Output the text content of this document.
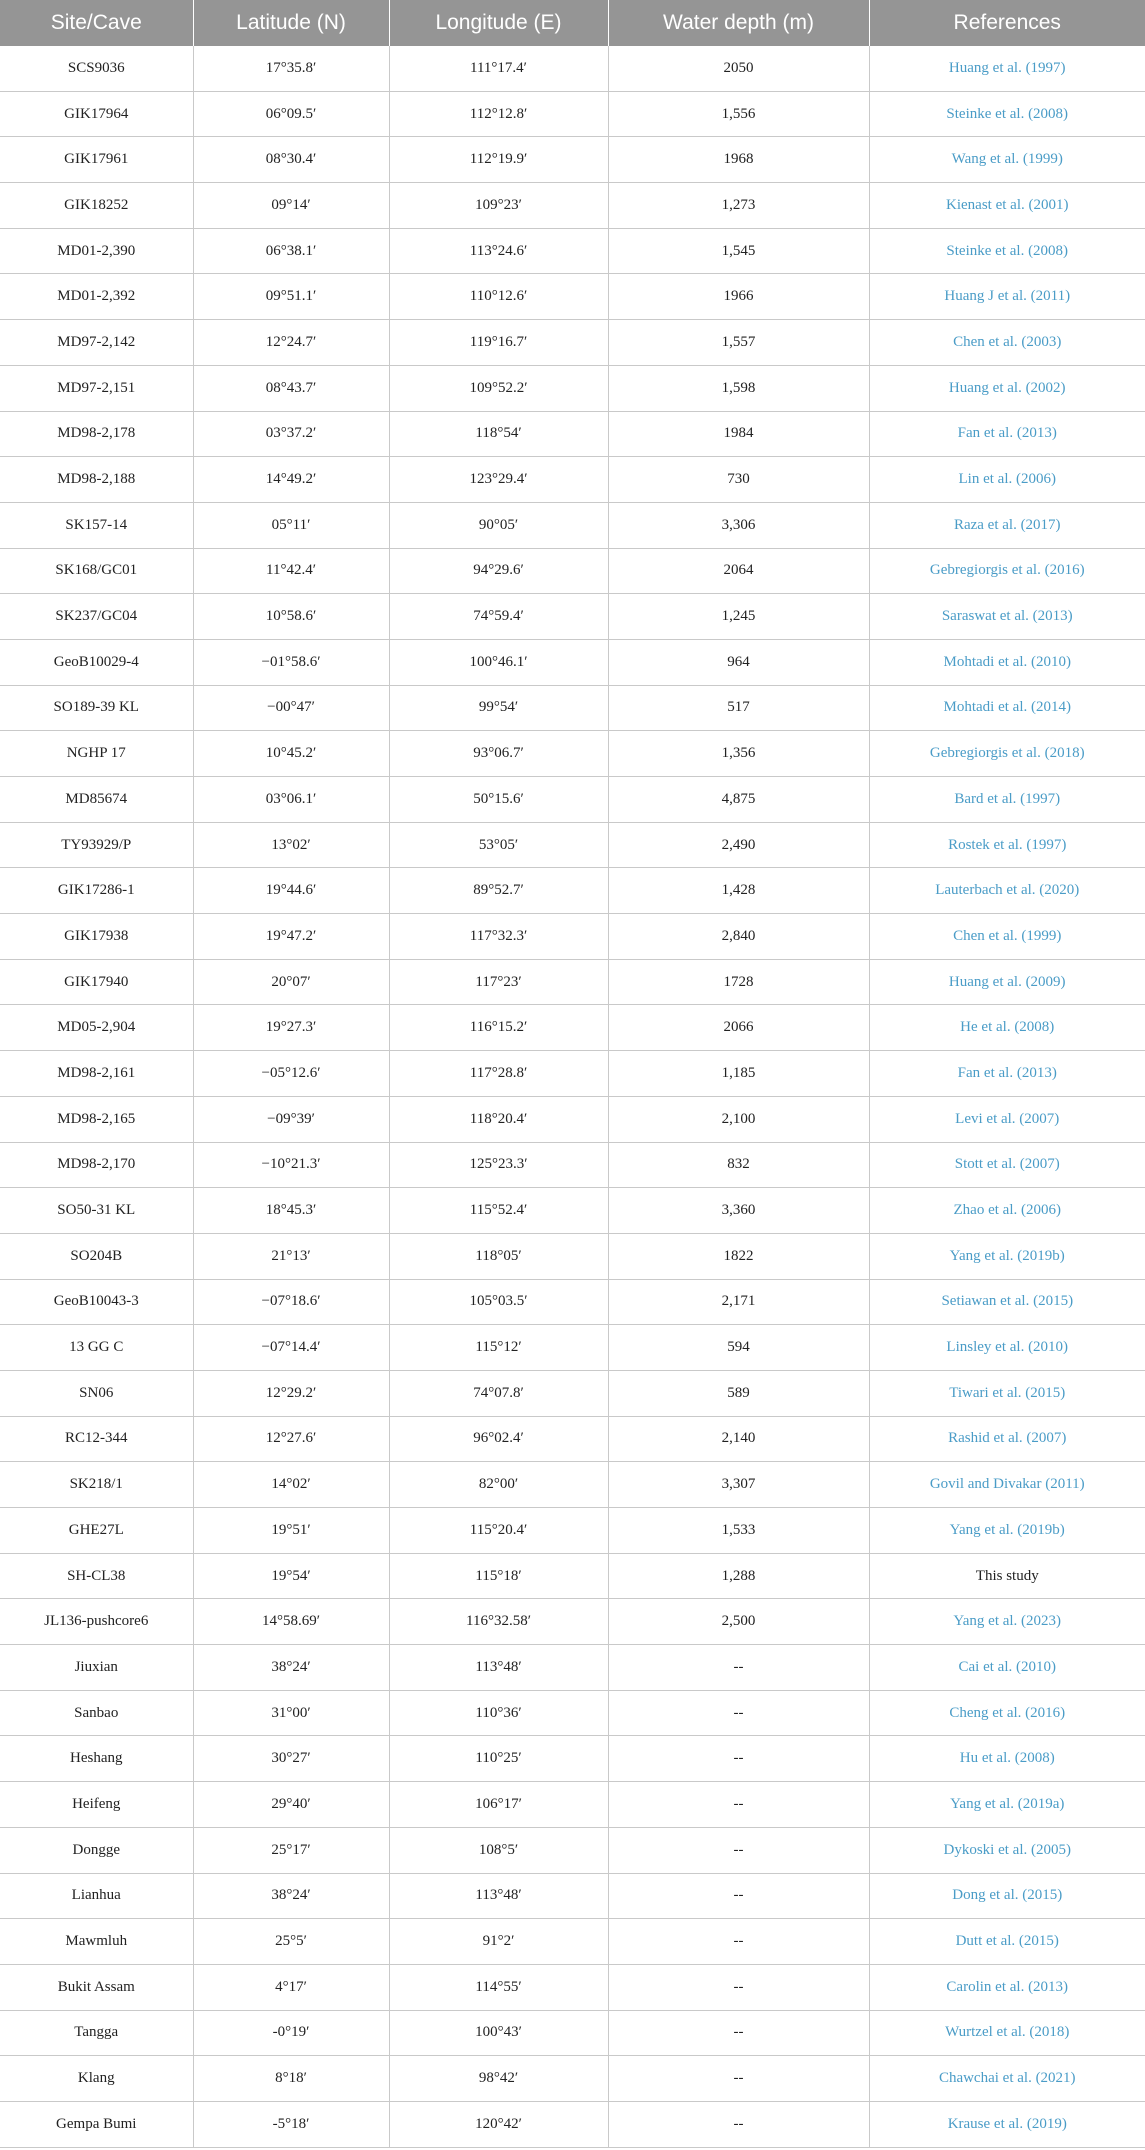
Site/Cave	Latitude (N)	Longitude (E)	Water depth (m)	References
SCS9036	17°35.8′	111°17.4′	2050	Huang et al. (1997)
GIK17964	06°09.5′	112°12.8′	1,556	Steinke et al. (2008)
GIK17961	08°30.4′	112°19.9′	1968	Wang et al. (1999)
GIK18252	09°14′	109°23′	1,273	Kienast et al. (2001)
MD01-2,390	06°38.1′	113°24.6′	1,545	Steinke et al. (2008)
MD01-2,392	09°51.1′	110°12.6′	1966	Huang J et al. (2011)
MD97-2,142	12°24.7′	119°16.7′	1,557	Chen et al. (2003)
MD97-2,151	08°43.7′	109°52.2′	1,598	Huang et al. (2002)
MD98-2,178	03°37.2′	118°54′	1984	Fan et al. (2013)
MD98-2,188	14°49.2′	123°29.4′	730	Lin et al. (2006)
SK157-14	05°11′	90°05′	3,306	Raza et al. (2017)
SK168/GC01	11°42.4′	94°29.6′	2064	Gebregiorgis et al. (2016)
SK237/GC04	10°58.6′	74°59.4′	1,245	Saraswat et al. (2013)
GeoB10029-4	−01°58.6′	100°46.1′	964	Mohtadi et al. (2010)
SO189-39 KL	−00°47′	99°54′	517	Mohtadi et al. (2014)
NGHP 17	10°45.2′	93°06.7′	1,356	Gebregiorgis et al. (2018)
MD85674	03°06.1′	50°15.6′	4,875	Bard et al. (1997)
TY93929/P	13°02′	53°05′	2,490	Rostek et al. (1997)
GIK17286-1	19°44.6′	89°52.7′	1,428	Lauterbach et al. (2020)
GIK17938	19°47.2′	117°32.3′	2,840	Chen et al. (1999)
GIK17940	20°07′	117°23′	1728	Huang et al. (2009)
MD05-2,904	19°27.3′	116°15.2′	2066	He et al. (2008)
MD98-2,161	−05°12.6′	117°28.8′	1,185	Fan et al. (2013)
MD98-2,165	−09°39′	118°20.4′	2,100	Levi et al. (2007)
MD98-2,170	−10°21.3′	125°23.3′	832	Stott et al. (2007)
SO50-31 KL	18°45.3′	115°52.4′	3,360	Zhao et al. (2006)
SO204B	21°13′	118°05′	1822	Yang et al. (2019b)
GeoB10043-3	−07°18.6′	105°03.5′	2,171	Setiawan et al. (2015)
13 GG C	−07°14.4′	115°12′	594	Linsley et al. (2010)
SN06	12°29.2′	74°07.8′	589	Tiwari et al. (2015)
RC12-344	12°27.6′	96°02.4′	2,140	Rashid et al. (2007)
SK218/1	14°02′	82°00′	3,307	Govil and Divakar (2011)
GHE27L	19°51′	115°20.4′	1,533	Yang et al. (2019b)
SH-CL38	19°54′	115°18′	1,288	This study
JL136-pushcore6	14°58.69′	116°32.58′	2,500	Yang et al. (2023)
Jiuxian	38°24′	113°48′	--	Cai et al. (2010)
Sanbao	31°00′	110°36′	--	Cheng et al. (2016)
Heshang	30°27′	110°25′	--	Hu et al. (2008)
Heifeng	29°40′	106°17′	--	Yang et al. (2019a)
Dongge	25°17′	108°5′	--	Dykoski et al. (2005)
Lianhua	38°24′	113°48′	--	Dong et al. (2015)
Mawmluh	25°5′	91°2′	--	Dutt et al. (2015)
Bukit Assam	4°17′	114°55′	--	Carolin et al. (2013)
Tangga	-0°19′	100°43′	--	Wurtzel et al. (2018)
Klang	8°18′	98°42′	--	Chawchai et al. (2021)
Gempa Bumi	-5°18′	120°42′	--	Krause et al. (2019)
